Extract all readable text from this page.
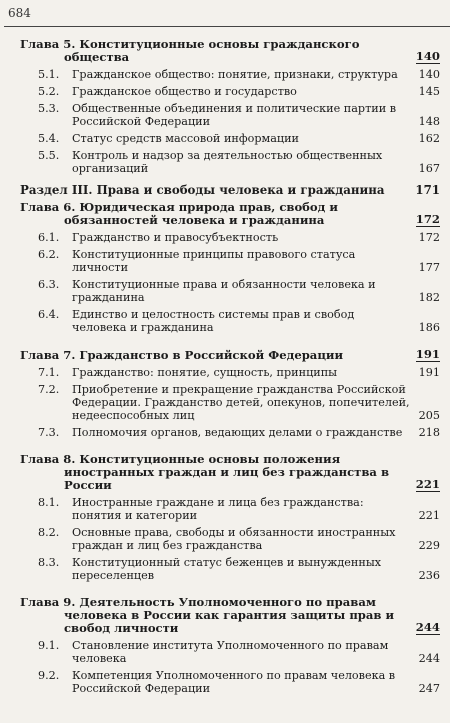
684
Глава 5. Конституционные основы гражданского общества	140
5.1.	Гражданское общество: понятие, признаки, структура	140
5.2.	Гражданское общество и государство	145
5.3.	Общественные объединения и политические партии в Российской Федерации	148
5.4.	Статус средств массовой информации	162
5.5.	Контроль и надзор за деятельностью общественных организаций	167
Раздел III. Права и свободы человека и гражданина	171
Глава 6. Юридическая природа прав, свобод и обязанностей человека и гражданина	172
6.1.	Гражданство и правосубъектность	172
6.2.	Конституционные принципы правового статуса личности	177
6.3.	Конституционные права и обязанности человека и гражданина	182
6.4.	Единство и целостность системы прав и свобод человека и гражданина	186
Глава 7. Гражданство в Российской Федерации	191
7.1.	Гражданство: понятие, сущность, принципы	191
7.2.	Приобретение и прекращение гражданства Российской Федерации. Гражданство детей, опекунов, попечителей, недееспособных лиц	205
7.3.	Полномочия органов, ведающих делами о гражданстве	218
Глава 8. Конституционные основы положения иностранных граждан и лиц без гражданства в России	221
8.1.	Иностранные граждане и лица без гражданства: понятия и категории	221
8.2.	Основные права, свободы и обязанности иностранных граждан и лиц без гражданства	229
8.3.	Конституционный статус беженцев и вынужденных переселенцев	236
Глава 9. Деятельность Уполномоченного по правам человека в России как гарантия защиты прав и свобод личности	244
9.1.	Становление института Уполномоченного по правам человека	244
9.2.	Компетенция Уполномоченного по правам человека в Российской Федерации	247
